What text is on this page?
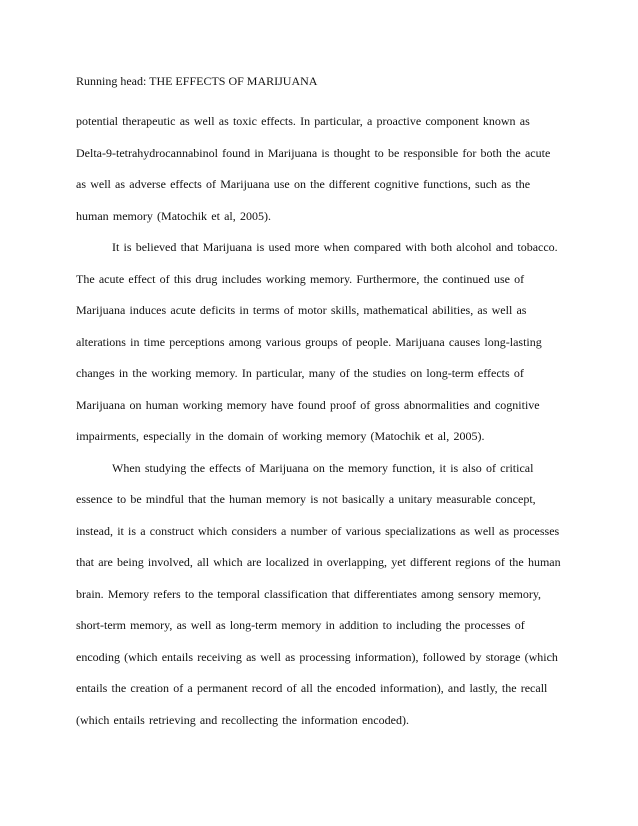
Running head: THE EFFECTS OF MARIJUANA
potential therapeutic as well as toxic effects. In particular, a proactive component known as
Delta-9-tetrahydrocannabinol found in Marijuana is thought to be responsible for both the acute
as well as adverse effects of Marijuana use on the different cognitive functions, such as the
human memory (Matochik et al, 2005).
It is believed that Marijuana is used more when compared with both alcohol and tobacco.
The acute effect of this drug includes working memory. Furthermore, the continued use of
Marijuana induces acute deficits in terms of motor skills, mathematical abilities, as well as
alterations in time perceptions among various groups of people. Marijuana causes long-lasting
changes in the working memory. In particular, many of the studies on long-term effects of
Marijuana on human working memory have found proof of gross abnormalities and cognitive
impairments, especially in the domain of working memory (Matochik et al, 2005).
When studying the effects of Marijuana on the memory function, it is also of critical
essence to be mindful that the human memory is not basically a unitary measurable concept,
instead, it is a construct which considers a number of various specializations as well as processes
that are being involved, all which are localized in overlapping, yet different regions of the human
brain. Memory refers to the temporal classification that differentiates among sensory memory,
short-term memory, as well as long-term memory in addition to including the processes of
encoding (which entails receiving as well as processing information), followed by storage (which
entails the creation of a permanent record of all the encoded information), and lastly, the recall
(which entails retrieving and recollecting the information encoded).
